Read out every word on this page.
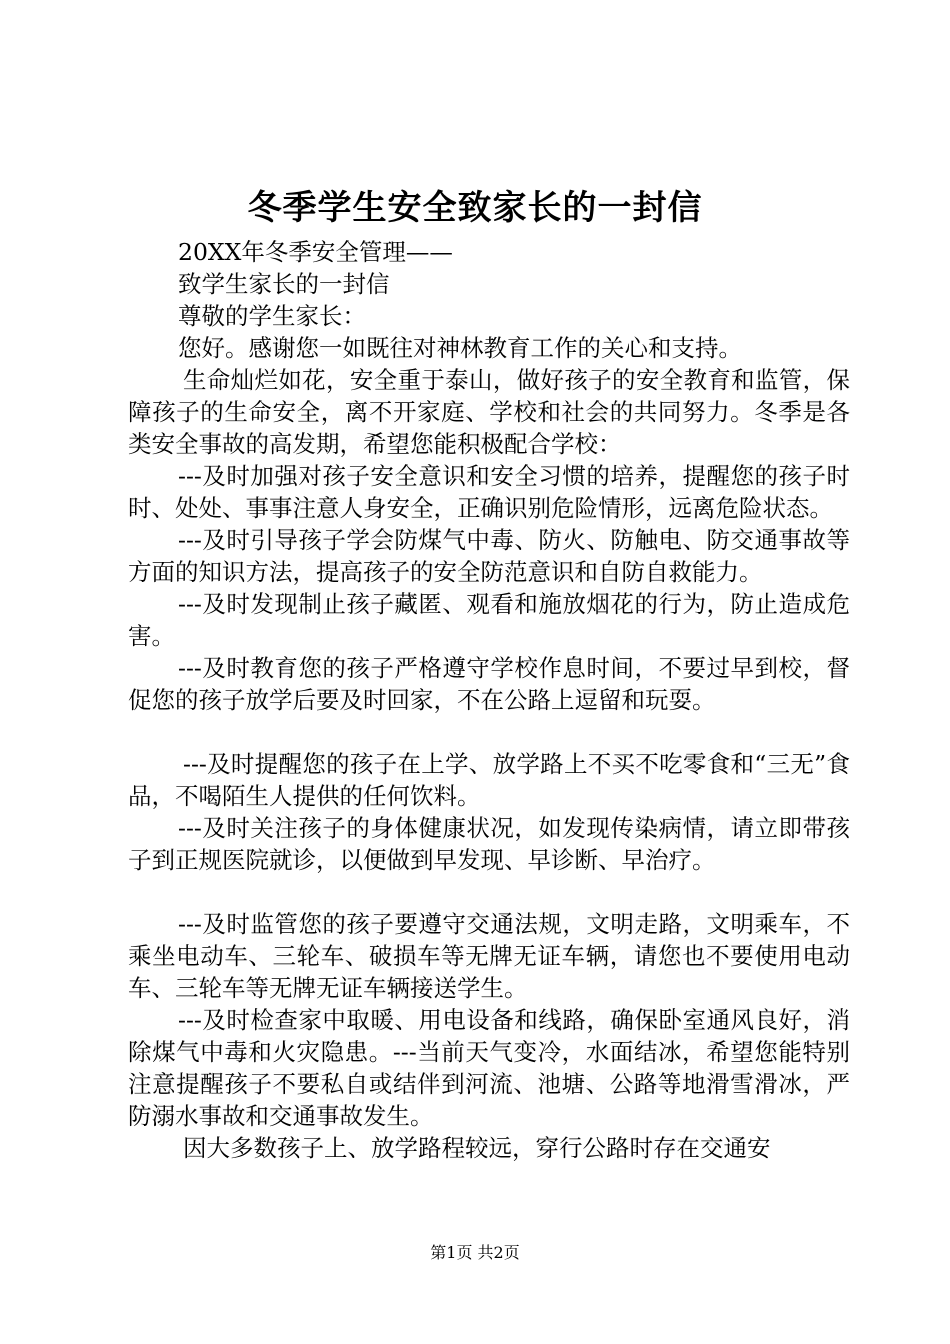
冬季学生安全致家长的一封信

20XX年冬季安全管理——

致学生家长的一封信

尊敬的学生家长：

您好。感谢您一如既往对神林教育工作的关心和支持。

生命灿烂如花，安全重于泰山，做好孩子的安全教育和监管，保障孩子的生命安全，离不开家庭、学校和社会的共同努力。冬季是各类安全事故的高发期，希望您能积极配合学校：

---及时加强对孩子安全意识和安全习惯的培养，提醒您的孩子时时、处处、事事注意人身安全，正确识别危险情形，远离危险状态。

---及时引导孩子学会防煤气中毒、防火、防触电、防交通事故等方面的知识方法，提高孩子的安全防范意识和自防自救能力。

---及时发现制止孩子藏匿、观看和施放烟花的行为，防止造成危害。

---及时教育您的孩子严格遵守学校作息时间，不要过早到校，督促您的孩子放学后要及时回家，不在公路上逗留和玩耍。

---及时提醒您的孩子在上学、放学路上不买不吃零食和“三无”食品，不喝陌生人提供的任何饮料。

---及时关注孩子的身体健康状况，如发现传染病情，请立即带孩子到正规医院就诊，以便做到早发现、早诊断、早治疗。

---及时监管您的孩子要遵守交通法规，文明走路，文明乘车，不乘坐电动车、三轮车、破损车等无牌无证车辆，请您也不要使用电动车、三轮车等无牌无证车辆接送学生。

---及时检查家中取暖、用电设备和线路，确保卧室通风良好，消除煤气中毒和火灾隐患。---当前天气变冷，水面结冰，希望您能特别注意提醒孩子不要私自或结伴到河流、池塘、公路等地滑雪滑冰，严防溺水事故和交通事故发生。

因大多数孩子上、放学路程较远，穿行公路时存在交通安

第1页 共2页
